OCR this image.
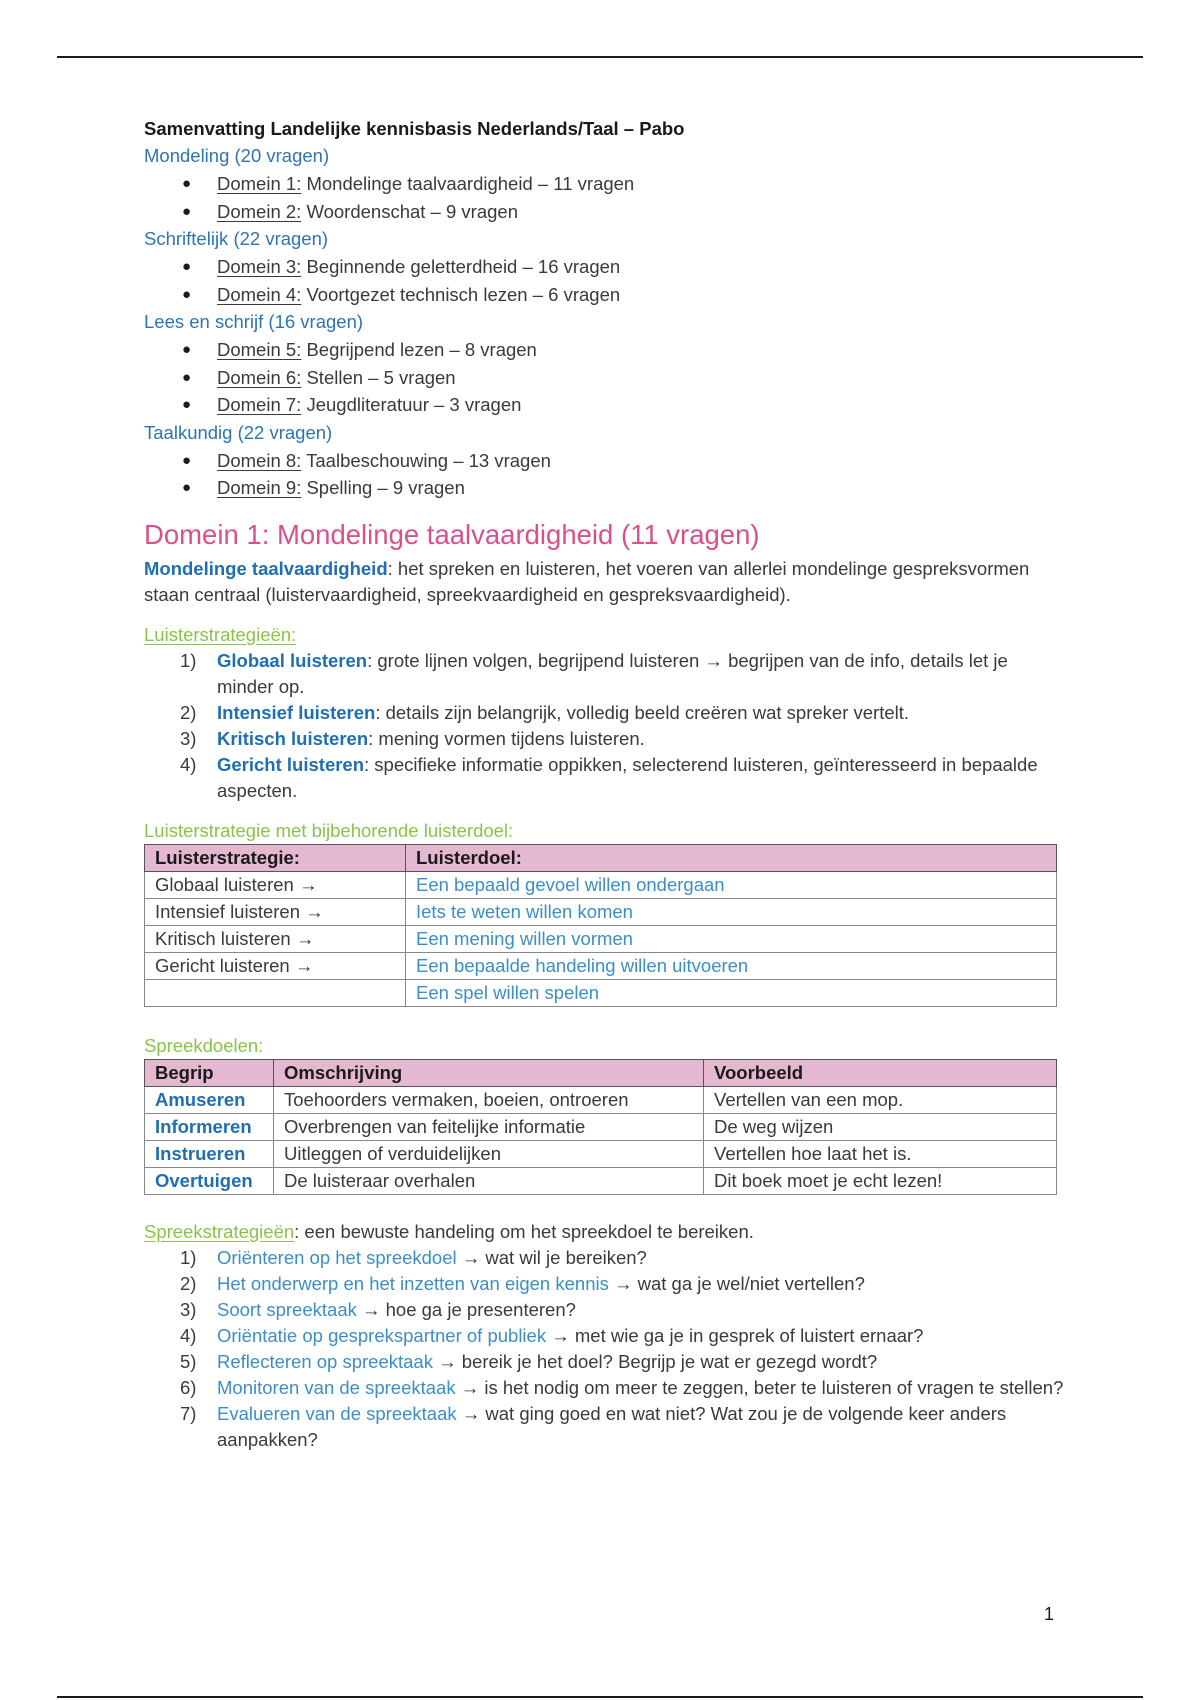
Samenvatting Landelijke kennisbasis Nederlands/Taal – Pabo
Mondeling (20 vragen)
● Domein 1: Mondelinge taalvaardigheid – 11 vragen
● Domein 2: Woordenschat – 9 vragen
Schriftelijk (22 vragen)
● Domein 3: Beginnende geletterdheid – 16 vragen
● Domein 4: Voortgezet technisch lezen – 6 vragen
Lees en schrijf (16 vragen)
● Domein 5: Begrijpend lezen – 8 vragen
● Domein 6: Stellen – 5 vragen
● Domein 7: Jeugdliteratuur – 3 vragen
Taalkundig (22 vragen)
● Domein 8: Taalbeschouwing – 13 vragen
● Domein 9: Spelling – 9 vragen
Domein 1: Mondelinge taalvaardigheid (11 vragen)
Mondelinge taalvaardigheid: het spreken en luisteren, het voeren van allerlei mondelinge gespreksvormen staan centraal (luistervaardigheid, spreekvaardigheid en gespreksvaardigheid).
Luisterstrategieën:
1) Globaal luisteren: grote lijnen volgen, begrijpend luisteren → begrijpen van de info, details let je minder op.
2) Intensief luisteren: details zijn belangrijk, volledig beeld creëren wat spreker vertelt.
3) Kritisch luisteren: mening vormen tijdens luisteren.
4) Gericht luisteren: specifieke informatie oppikken, selecterend luisteren, geïnteresseerd in bepaalde aspecten.
Luisterstrategie met bijbehorende luisterdoel:
Luisterstrategie:	Luisterdoel:
Globaal luisteren →	Een bepaald gevoel willen ondergaan
Intensief luisteren →	Iets te weten willen komen
Kritisch luisteren →	Een mening willen vormen
Gericht luisteren →	Een bepaalde handeling willen uitvoeren
	Een spel willen spelen
Spreekdoelen:
Begrip	Omschrijving	Voorbeeld
Amuseren	Toehoorders vermaken, boeien, ontroeren	Vertellen van een mop.
Informeren	Overbrengen van feitelijke informatie	De weg wijzen
Instrueren	Uitleggen of verduidelijken	Vertellen hoe laat het is.
Overtuigen	De luisteraar overhalen	Dit boek moet je echt lezen!
Spreekstrategieën: een bewuste handeling om het spreekdoel te bereiken.
1) Oriënteren op het spreekdoel → wat wil je bereiken?
2) Het onderwerp en het inzetten van eigen kennis → wat ga je wel/niet vertellen?
3) Soort spreektaak → hoe ga je presenteren?
4) Oriëntatie op gesprekspartner of publiek → met wie ga je in gesprek of luistert ernaar?
5) Reflecteren op spreektaak → bereik je het doel? Begrijp je wat er gezegd wordt?
6) Monitoren van de spreektaak → is het nodig om meer te zeggen, beter te luisteren of vragen te stellen?
7) Evalueren van de spreektaak → wat ging goed en wat niet? Wat zou je de volgende keer anders aanpakken?
1
